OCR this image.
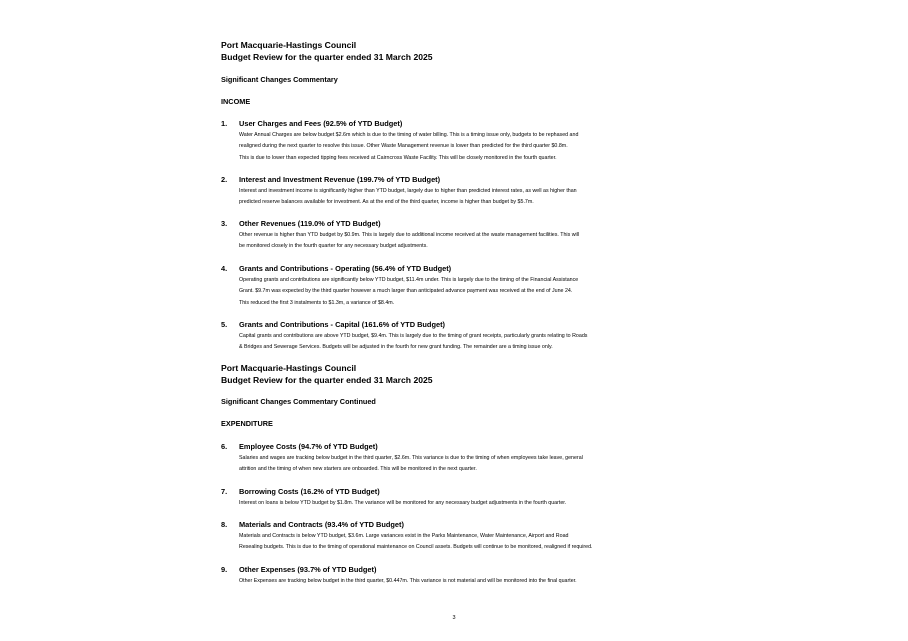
Port Macquarie-Hastings Council
Budget Review for the quarter ended 31 March 2025
Significant Changes Commentary
INCOME
1. User Charges and Fees (92.5% of YTD Budget)
Water Annual Charges are below budget $2.6m which is due to the timing of water billing. This is a timing issue only, budgets to be rephased and
realigned during the next quarter to resolve this issue. Other Waste Management revenue is lower than predicted for the third quarter $0.8m.
This is due to lower than expected tipping fees received at Cairncross Waste Facility. This will be closely monitored in the fourth quarter.
2. Interest and Investment Revenue (199.7% of YTD Budget)
Interest and investment income is significantly higher than YTD budget, largely due to higher than predicted interest rates, as well as higher than
predicted reserve balances available for investment. As at the end of the third quarter, income is higher than budget by $5.7m.
3. Other Revenues (119.0% of YTD Budget)
Other revenue is higher than YTD budget by $0.9m. This is largely due to additional income received at the waste management facilities. This will
be monitored closely in the fourth quarter for any necessary budget adjustments.
4. Grants and Contributions - Operating (56.4% of YTD Budget)
Operating grants and contributions are significantly below YTD budget, $11.4m under. This is largely due to the timing of the Financial Assistance
Grant. $9.7m was expected by the third quarter however a much larger than anticipated advance payment was received at the end of June 24.
This reduced the first 3 instalments to $1.3m, a variance of $8.4m.
5. Grants and Contributions - Capital (161.6% of YTD Budget)
Capital grants and contributions are above YTD budget, $9.4m. This is largely due to the timing of grant receipts, particularly grants relating to Roads
& Bridges and Sewerage Services. Budgets will be adjusted in the fourth for new grant funding. The remainder are a timing issue only.
Port Macquarie-Hastings Council
Budget Review for the quarter ended 31 March 2025
Significant Changes Commentary Continued
EXPENDITURE
6. Employee Costs (94.7% of YTD Budget)
Salaries and wages are tracking below budget in the third quarter, $2.6m. This variance is due to the timing of when employees take leave, general
attrition and the timing of when new starters are onboarded. This will be monitored in the next quarter.
7. Borrowing Costs (16.2% of YTD Budget)
Interest on loans is below YTD budget by $1.8m. The variance will be monitored for any necessary budget adjustments in the fourth quarter.
8. Materials and Contracts (93.4% of YTD Budget)
Materials and Contracts is below YTD budget, $3.6m. Large variances exist in the Parks Maintenance, Water Maintenance, Airport and Road
Resealing budgets. This is due to the timing of operational maintenance on Council assets. Budgets will continue to be monitored, realigned if required.
9. Other Expenses (93.7% of YTD Budget)
Other Expenses are tracking below budget in the third quarter, $0.447m. This variance is not material and will be monitored into the final quarter.
3
